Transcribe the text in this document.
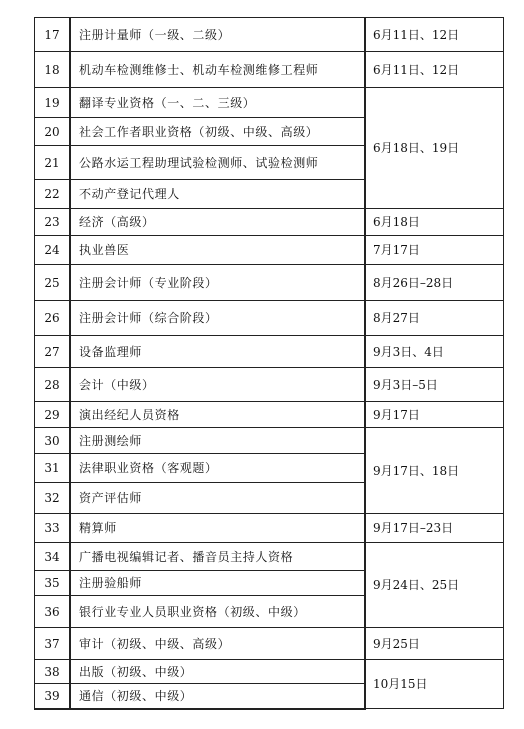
17	注册计量师（一级、二级）	6月11日、12日
18	机动车检测维修士、机动车检测维修工程师	6月11日、12日
19	翻译专业资格（一、二、三级）	6月18日、19日
20	社会工作者职业资格（初级、中级、高级）	
21	公路水运工程助理试验检测师、试验检测师	
22	不动产登记代理人	
23	经济（高级）	6月18日
24	执业兽医	7月17日
25	注册会计师（专业阶段）	8月26日–28日
26	注册会计师（综合阶段）	8月27日
27	设备监理师	9月3日、4日
28	会计（中级）	9月3日–5日
29	演出经纪人员资格	9月17日
30	注册测绘师	9月17日、18日
31	法律职业资格（客观题）	
32	资产评估师	
33	精算师	9月17日–23日
34	广播电视编辑记者、播音员主持人资格	9月24日、25日
35	注册验船师	
36	银行业专业人员职业资格（初级、中级）	
37	审计（初级、中级、高级）	9月25日
38	出版（初级、中级）	10月15日
39	通信（初级、中级）	
